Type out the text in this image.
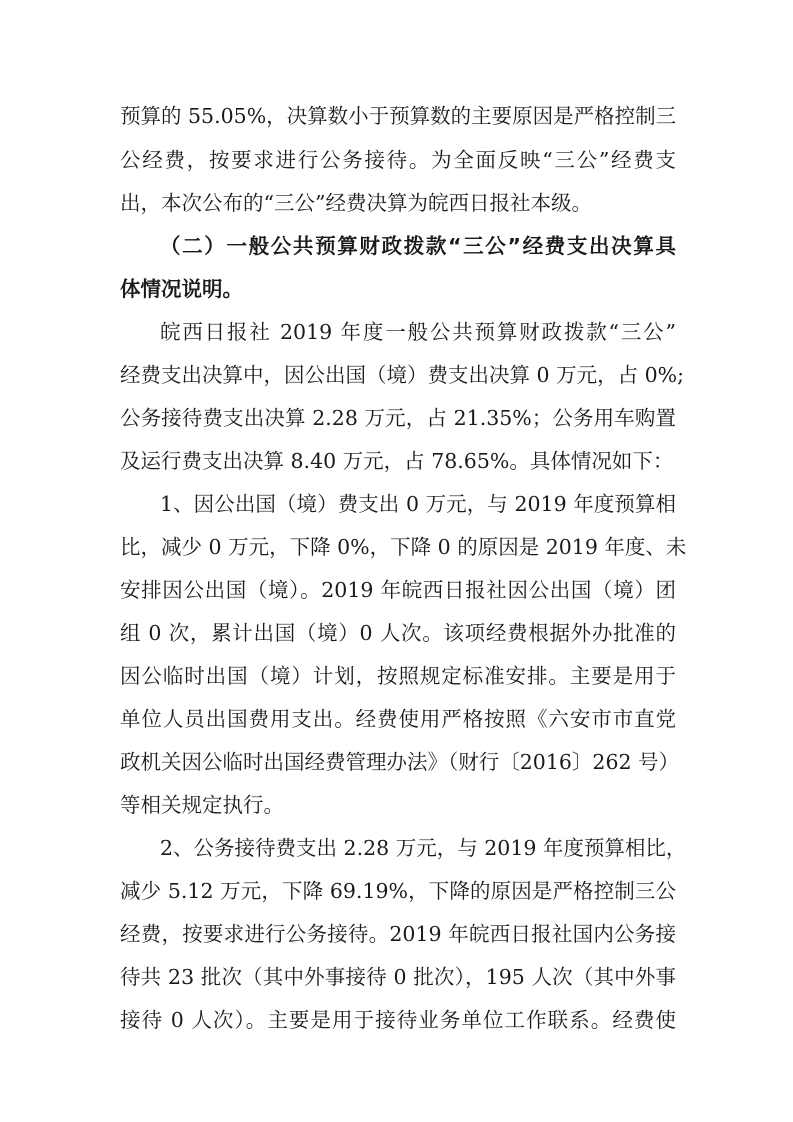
预算的 55.05%，决算数小于预算数的主要原因是严格控制三
公经费，按要求进行公务接待。为全面反映“三公”经费支
出，本次公布的“三公”经费决算为皖西日报社本级。
（二）一般公共预算财政拨款“三公”经费支出决算具
体情况说明。
皖西日报社 2019 年度一般公共预算财政拨款“三公”
经费支出决算中，因公出国（境）费支出决算 0 万元，占 0%;
公务接待费支出决算 2.28 万元，占 21.35%；公务用车购置
及运行费支出决算 8.40 万元，占 78.65%。具体情况如下：
1、因公出国（境）费支出 0 万元，与 2019 年度预算相
比，减少 0 万元，下降 0%，下降 0 的原因是 2019 年度、未
安排因公出国（境）。2019 年皖西日报社因公出国（境）团
组 0 次，累计出国（境）0 人次。该项经费根据外办批准的
因公临时出国（境）计划，按照规定标准安排。主要是用于
单位人员出国费用支出。经费使用严格按照《六安市市直党
政机关因公临时出国经费管理办法》（财行〔2016〕262 号）
等相关规定执行。
2、公务接待费支出 2.28 万元，与 2019 年度预算相比，
减少 5.12 万元，下降 69.19%，下降的原因是严格控制三公
经费，按要求进行公务接待。2019 年皖西日报社国内公务接
待共 23 批次（其中外事接待 0 批次），195 人次（其中外事
接待 0 人次）。主要是用于接待业务单位工作联系。经费使
